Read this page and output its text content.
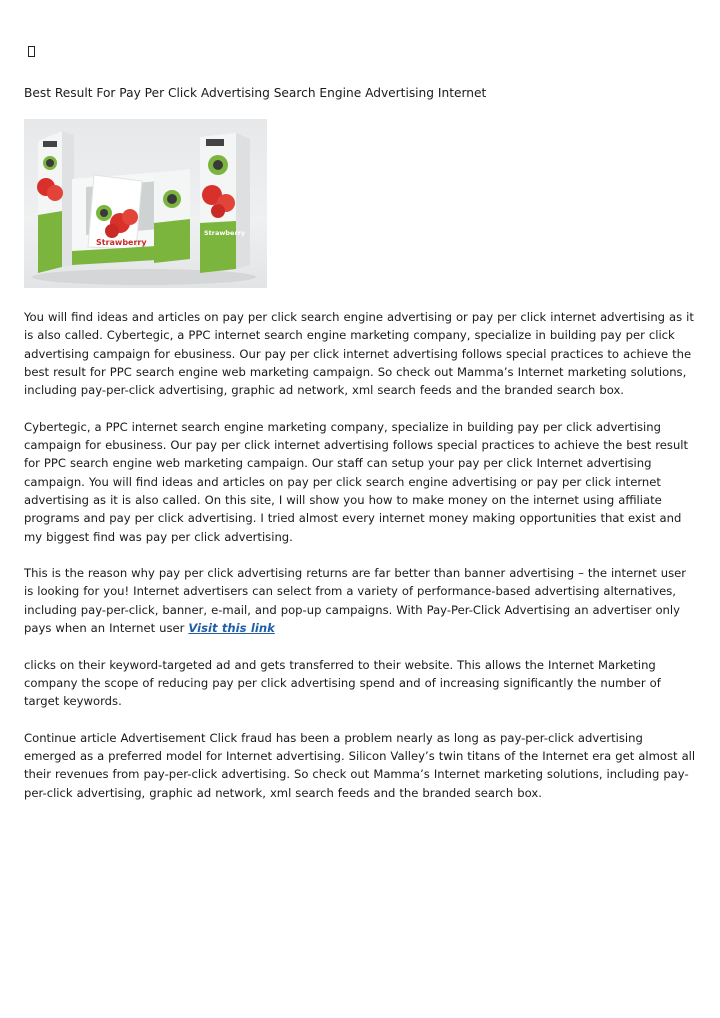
Best Result For Pay Per Click Advertising Search Engine Advertising Internet
Strawberry
Strawberry

You will find ideas and articles on pay per click search engine advertising or pay per click internet advertising as it is also called. Cybertegic, a PPC internet search engine marketing company, specialize in building pay per click advertising campaign for ebusiness. Our pay per click internet advertising follows special practices to achieve the best result for PPC search engine web marketing campaign. So check out Mamma’s Internet marketing solutions, including pay-per-click advertising, graphic ad network, xml search feeds and the branded search box.

Cybertegic, a PPC internet search engine marketing company, specialize in building pay per click advertising campaign for ebusiness. Our pay per click internet advertising follows special practices to achieve the best result for PPC search engine web marketing campaign. Our staff can setup your pay per click Internet advertising campaign. You will find ideas and articles on pay per click search engine advertising or pay per click internet advertising as it is also called. On this site, I will show you how to make money on the internet using affiliate programs and pay per click advertising. I tried almost every internet money making opportunities that exist and my biggest find was pay per click advertising.

This is the reason why pay per click advertising returns are far better than banner advertising – the internet user is looking for you! Internet advertisers can select from a variety of performance-based advertising alternatives, including pay-per-click, banner, e-mail, and pop-up campaigns. With Pay-Per-Click Advertising an advertiser only pays when an Internet user Visit this link

clicks on their keyword-targeted ad and gets transferred to their website. This allows the Internet Marketing company the scope of reducing pay per click advertising spend and of increasing significantly the number of target keywords.

Continue article Advertisement Click fraud has been a problem nearly as long as pay-per-click advertising emerged as a preferred model for Internet advertising. Silicon Valley’s twin titans of the Internet era get almost all their revenues from pay-per-click advertising. So check out Mamma’s Internet marketing solutions, including pay-per-click advertising, graphic ad network, xml search feeds and the branded search box.
